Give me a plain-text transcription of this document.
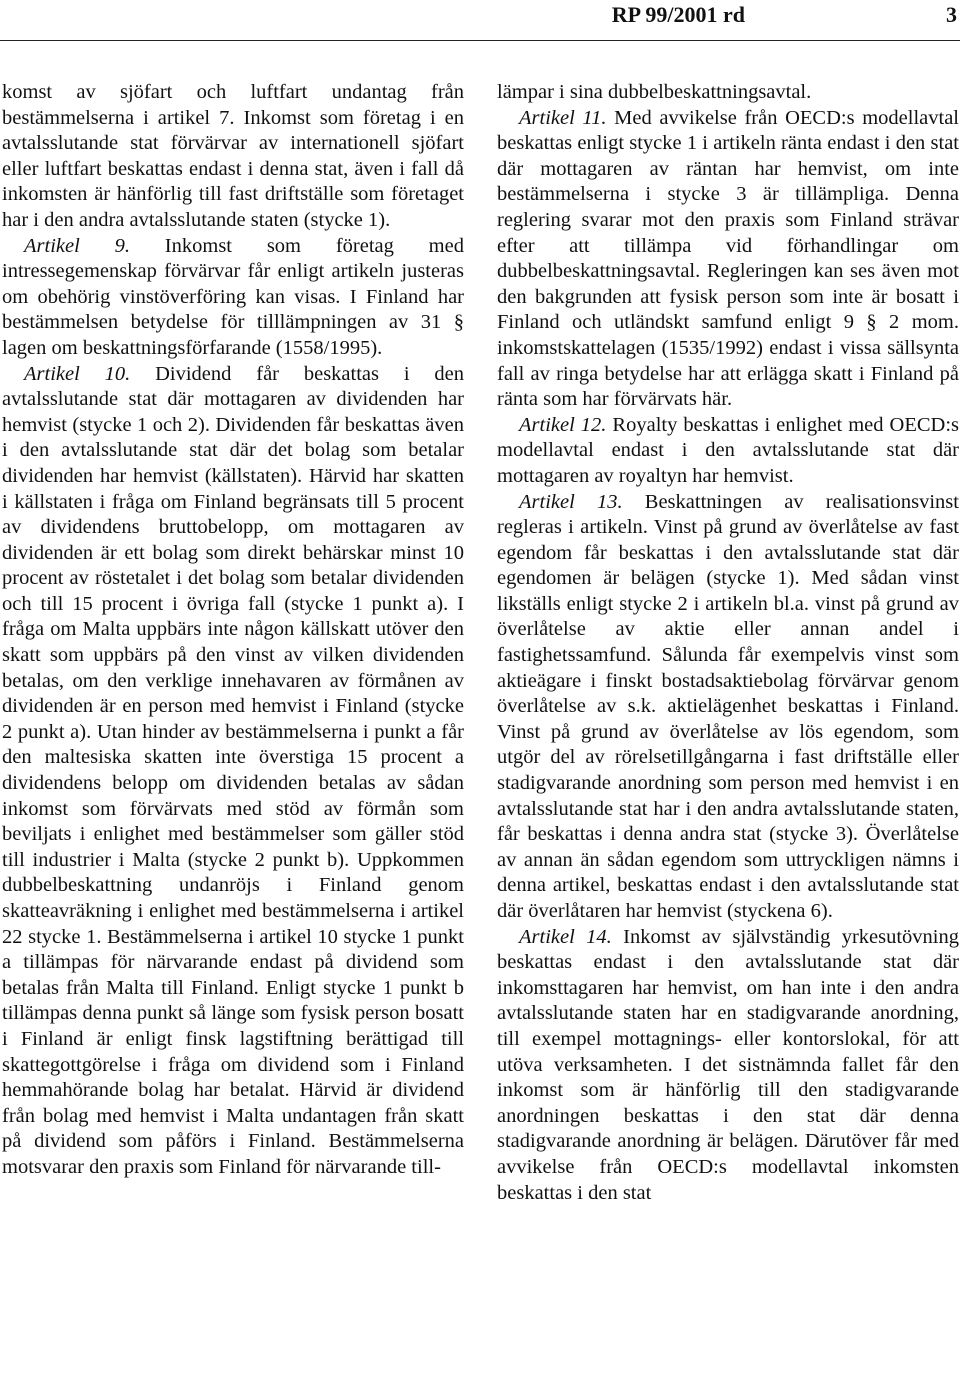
RP 99/2001 rd	3

komst av sjöfart och luftfart undantag från bestämmelserna i artikel 7. Inkomst som företag i en avtalsslutande stat förvärvar av internationell sjöfart eller luftfart beskattas endast i denna stat, även i fall då inkomsten är hänförlig till fast driftställe som företaget har i den andra avtalsslutande staten (stycke 1).

Artikel 9. Inkomst som företag med intressegemenskap förvärvar får enligt artikeln justeras om obehörig vinstöverföring kan visas. I Finland har bestämmelsen betydelse för tilllämpningen av 31 § lagen om beskattningsförfarande (1558/1995).

Artikel 10. Dividend får beskattas i den avtalsslutande stat där mottagaren av dividenden har hemvist (stycke 1 och 2). Dividenden får beskattas även i den avtalsslutande stat där det bolag som betalar dividenden har hemvist (källstaten). Härvid har skatten i källstaten i fråga om Finland begränsats till 5 procent av dividendens bruttobelopp, om mottagaren av dividenden är ett bolag som direkt behärskar minst 10 procent av röstetalet i det bolag som betalar dividenden och till 15 procent i övriga fall (stycke 1 punkt a). I fråga om Malta uppbärs inte någon källskatt utöver den skatt som uppbärs på den vinst av vilken dividenden betalas, om den verklige innehavaren av förmånen av dividenden är en person med hemvist i Finland (stycke 2 punkt a). Utan hinder av bestämmelserna i punkt a får den maltesiska skatten inte överstiga 15 procent a dividendens belopp om dividenden betalas av sådan inkomst som förvärvats med stöd av förmån som beviljats i enlighet med bestämmelser som gäller stöd till industrier i Malta (stycke 2 punkt b). Uppkommen dubbelbeskattning undanröjs i Finland genom skatteavräkning i enlighet med bestämmelserna i artikel 22 stycke 1. Bestämmelserna i artikel 10 stycke 1 punkt a tillämpas för närvarande endast på dividend som betalas från Malta till Finland. Enligt stycke 1 punkt b tillämpas denna punkt så länge som fysisk person bosatt i Finland är enligt finsk lagstiftning berättigad till skattegottgörelse i fråga om dividend som i Finland hemmahörande bolag har betalat. Härvid är dividend från bolag med hemvist i Malta undantagen från skatt på dividend som påförs i Finland. Bestämmelserna motsvarar den praxis som Finland för närvarande till-

lämpar i sina dubbelbeskattningsavtal.

Artikel 11. Med avvikelse från OECD:s modellavtal beskattas enligt stycke 1 i artikeln ränta endast i den stat där mottagaren av räntan har hemvist, om inte bestämmelserna i stycke 3 är tillämpliga. Denna reglering svarar mot den praxis som Finland strävar efter att tillämpa vid förhandlingar om dubbelbeskattningsavtal. Regleringen kan ses även mot den bakgrunden att fysisk person som inte är bosatt i Finland och utländskt samfund enligt 9 § 2 mom. inkomstskattelagen (1535/1992) endast i vissa sällsynta fall av ringa betydelse har att erlägga skatt i Finland på ränta som har förvärvats här.

Artikel 12. Royalty beskattas i enlighet med OECD:s modellavtal endast i den avtalsslutande stat där mottagaren av royaltyn har hemvist.

Artikel 13. Beskattningen av realisationsvinst regleras i artikeln. Vinst på grund av överlåtelse av fast egendom får beskattas i den avtalsslutande stat där egendomen är belägen (stycke 1). Med sådan vinst likställs enligt stycke 2 i artikeln bl.a. vinst på grund av överlåtelse av aktie eller annan andel i fastighetssamfund. Sålunda får exempelvis vinst som aktieägare i finskt bostadsaktiebolag förvärvar genom överlåtelse av s.k. aktielägenhet beskattas i Finland. Vinst på grund av överlåtelse av lös egendom, som utgör del av rörelsetillgångarna i fast driftställe eller stadigvarande anordning som person med hemvist i en avtalsslutande stat har i den andra avtalsslutande staten, får beskattas i denna andra stat (stycke 3). Överlåtelse av annan än sådan egendom som uttryckligen nämns i denna artikel, beskattas endast i den avtalsslutande stat där överlåtaren har hemvist (styckena 6).

Artikel 14. Inkomst av självständig yrkesutövning beskattas endast i den avtalsslutande stat där inkomsttagaren har hemvist, om han inte i den andra avtalsslutande staten har en stadigvarande anordning, till exempel mottagnings- eller kontorslokal, för att utöva verksamheten. I det sistnämnda fallet får den inkomst som är hänförlig till den stadigvarande anordningen beskattas i den stat där denna stadigvarande anordning är belägen. Därutöver får med avvikelse från OECD:s modellavtal inkomsten beskattas i den stat
